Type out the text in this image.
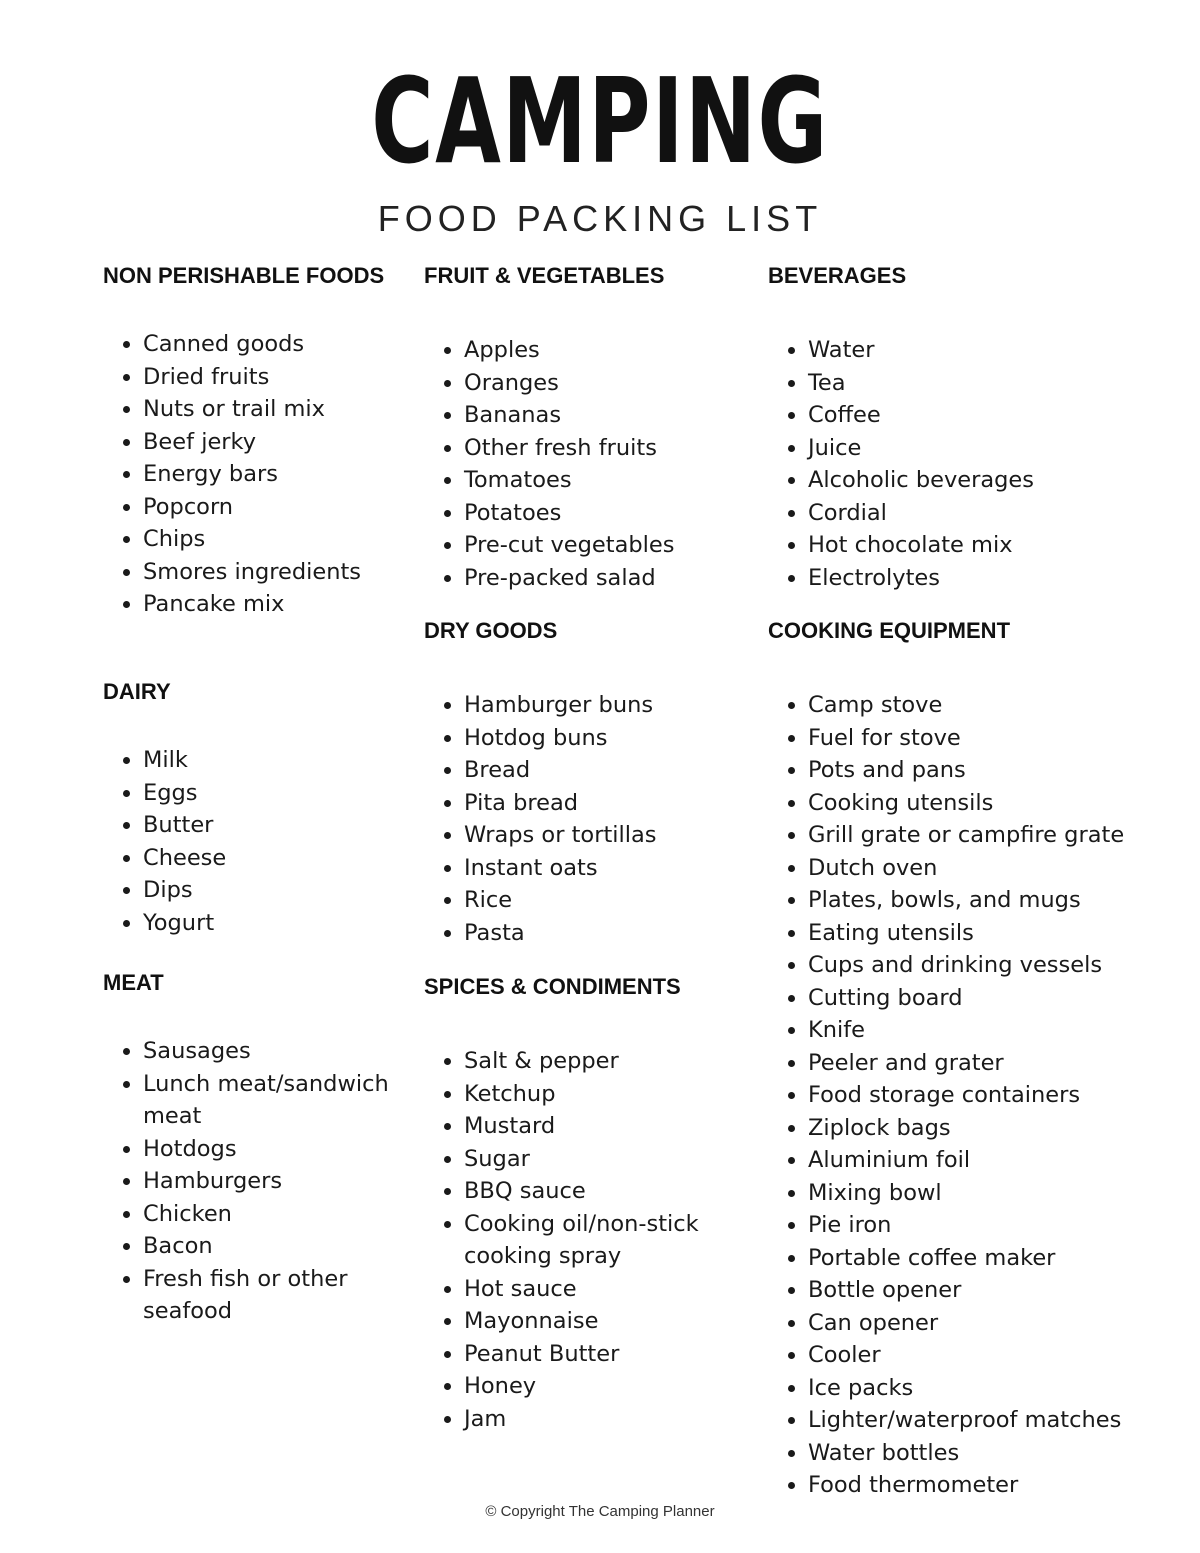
CAMPING
FOOD PACKING LIST
NON PERISHABLE FOODS
• Canned goods
• Dried fruits
• Nuts or trail mix
• Beef jerky
• Energy bars
• Popcorn
• Chips
• Smores ingredients
• Pancake mix
DAIRY
• Milk
• Eggs
• Butter
• Cheese
• Dips
• Yogurt
MEAT
• Sausages
• Lunch meat/sandwich meat
• Hotdogs
• Hamburgers
• Chicken
• Bacon
• Fresh fish or other seafood
FRUIT & VEGETABLES
• Apples
• Oranges
• Bananas
• Other fresh fruits
• Tomatoes
• Potatoes
• Pre-cut vegetables
• Pre-packed salad
DRY GOODS
• Hamburger buns
• Hotdog buns
• Bread
• Pita bread
• Wraps or tortillas
• Instant oats
• Rice
• Pasta
SPICES & CONDIMENTS
• Salt & pepper
• Ketchup
• Mustard
• Sugar
• BBQ sauce
• Cooking oil/non-stick cooking spray
• Hot sauce
• Mayonnaise
• Peanut Butter
• Honey
• Jam
BEVERAGES
• Water
• Tea
• Coffee
• Juice
• Alcoholic beverages
• Cordial
• Hot chocolate mix
• Electrolytes
COOKING EQUIPMENT
• Camp stove
• Fuel for stove
• Pots and pans
• Cooking utensils
• Grill grate or campfire grate
• Dutch oven
• Plates, bowls, and mugs
• Eating utensils
• Cups and drinking vessels
• Cutting board
• Knife
• Peeler and grater
• Food storage containers
• Ziplock bags
• Aluminium foil
• Mixing bowl
• Pie iron
• Portable coffee maker
• Bottle opener
• Can opener
• Cooler
• Ice packs
• Lighter/waterproof matches
• Water bottles
• Food thermometer
© Copyright The Camping Planner
